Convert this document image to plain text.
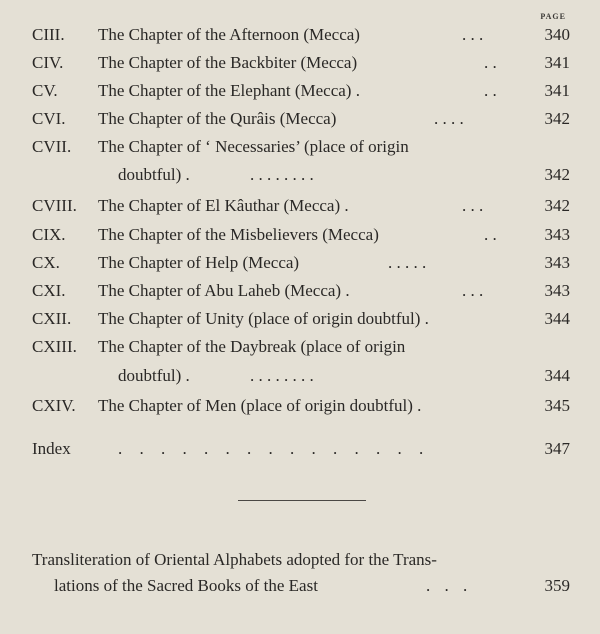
PAGE
CIII. The Chapter of the Afternoon (Mecca)	. . .	340
CIV. The Chapter of the Backbiter (Mecca)	. .	341
CV. The Chapter of the Elephant (Mecca) .	. .	341
CVI. The Chapter of the Qurâis (Mecca)	. . . .	342
CVII. The Chapter of ‘ Necessaries’ (place of origin
doubtful) .	. . . . . . . .	342
CVIII. The Chapter of El Kâuthar (Mecca) .	. . .	342
CIX. The Chapter of the Misbelievers (Mecca)	. .	343
CX. The Chapter of Help (Mecca)	. . . . .	343
CXI. The Chapter of Abu Laheb (Mecca) .	. . .	343
CXII. The Chapter of Unity (place of origin doubtful) .	344
CXIII. The Chapter of the Daybreak (place of origin
doubtful) .	. . . . . . . .	344
CXIV. The Chapter of Men (place of origin doubtful) .	345
Index	. . . . . . . . . . . . . . .	347
Transliteration of Oriental Alphabets adopted for the Trans-
lations of the Sacred Books of the East	. . .	359
